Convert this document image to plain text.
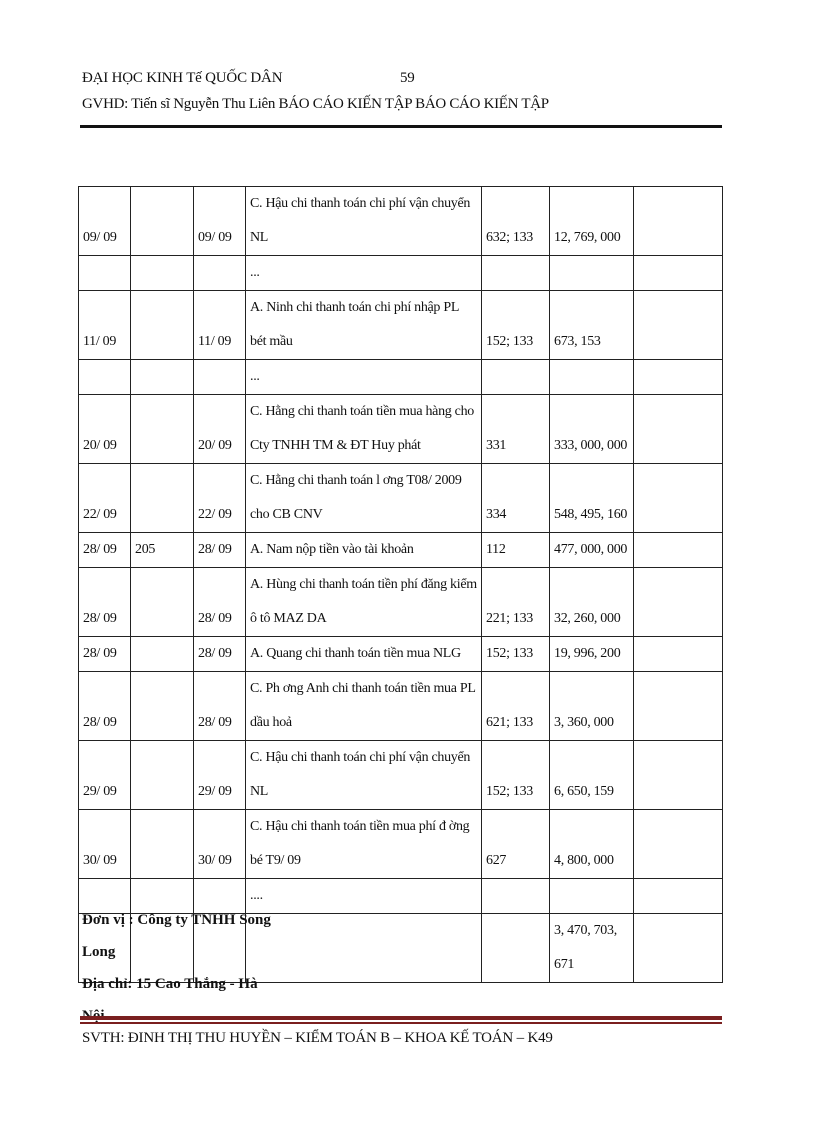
ĐẠI HỌC KINH Tế QUỐC DÂN	59
GVHD: Tiến sĩ Nguyễn Thu Liên BÁO CÁO KIẾN TẬP BÁO CÁO KIẾN TẬP
09/ 09		09/ 09	C. Hậu chi thanh toán chi phí vận chuyển NL	632; 133	12, 769, 000	
			...			
11/ 09		11/ 09	A. Ninh chi thanh toán chi phí nhập PL bét mầu	152; 133	673, 153	
			...			
20/ 09		20/ 09	C. Hằng chi thanh toán tiền mua hàng cho Cty TNHH TM & ĐT Huy phát	331	333, 000, 000	
22/ 09		22/ 09	C. Hằng chi thanh toán l ơng T08/ 2009 cho CB CNV	334	548, 495, 160	
28/ 09	205	28/ 09	A. Nam nộp tiền vào tài khoản	112	477, 000, 000	
28/ 09		28/ 09	A. Hùng chi thanh toán tiền phí đăng kiểm ô tô MAZ DA	221; 133	32, 260, 000	
28/ 09		28/ 09	A. Quang chi thanh toán tiền mua NLG	152; 133	19, 996, 200	
28/ 09		28/ 09	C. Ph ơng Anh chi thanh toán tiền mua PL dầu hoả	621; 133	3, 360, 000	
29/ 09		29/ 09	C. Hậu chi thanh toán chi phí vận chuyển NL	152; 133	6, 650, 159	
30/ 09		30/ 09	C. Hậu chi thanh toán tiền mua phí đ ờng bé T9/ 09	627	4, 800, 000	
			....			
					3, 470, 703, 671	
Đơn vị : Công ty TNHH Song Long
Địa chỉ: 15 Cao Thắng - Hà
SVTH: ĐINH THỊ THU HUYỀN – KIỂM TOÁN B – KHOA KẾ TOÁN – K49
